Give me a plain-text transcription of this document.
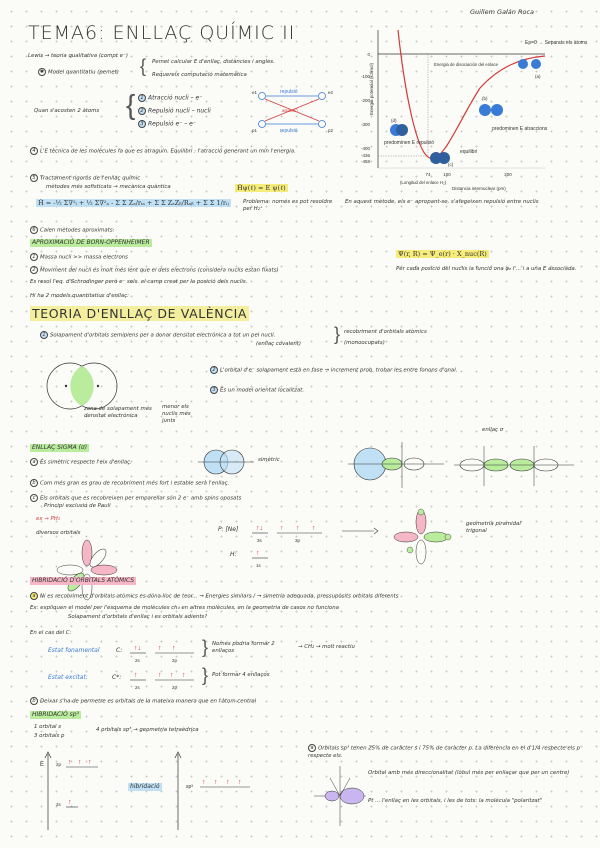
Guillem Galán Roca
TEMA6: ENLLAÇ QUÍMIC II
Lewis → teoria qualitativa (compt e⁻)
✱ Model quantitatiu (pemet) { Pemet calcular E d'enllaç, distàncies i angles.
Requereix computació matemàtica
Quan s'acosten 2 àtoms {	1 Atracció nucli – e⁻
2 Repulsió nucli – nucli
3 Repulsió e⁻ – e⁻
repulsió
repulsió
atracció
e1	e2
p1	p2
Energia potencial (kJ/mol)
0
-100
-200
-300
-400
-436
-458
74	100	200
(Longitud del enlace H₂)
Distancia internuclear (pm)
Energia de disociación del enlace
Ep=0 → Separats els àtoms
(a)
(b)
(c)
(d)
predominen E repulsió
predominen E atraccions
equilibri
4 L'E tècnica de les molècules fa que es atraguin. Equilibri : l'atracció generant un mín l'energia.
5 Tractament rigorós de l'enllaç químic
mètodes més sofisticats → mecànica quàntica	Ĥψ(ℓ) = E ψ(ℓ)
Ĥ = -½ Σ∇²ᵢ + ½ Σ∇²ₐ - Σ Σ Zₐ/rᵢₐ + Σ Σ ZₐZᵦ/Rₐᵦ + Σ Σ 1/rᵢⱼ	Problema: només es pot resoldre per H₂⁺
En aquest mètode, els e⁻ apropant-se, s'afegeixen repulsió entre nuclis
6 Calen mètodes aproximats:
APROXIMACIÓ DE BORN-OPPENHEIMER
1 Massa nucli >> massa electrons
2 Moviment del nucli és molt més lent que el dels electrons (considera nuclis estan fixats)
Es resol l'eq. d'Schrodinger però e⁻ sols. el camp creat per la posició dels nuclis.
Ψ(r, R) = Ψ_e(r) · X_nuc(R)
Per cada posició del nuclis la funció ona ψₑ l'... i a una E associada.
Hi ha 2 models quantitatius d'enllaç:
TEORIA D'ENLLAÇ DE VALÈNCIA
1 Solapament d'orbitals semiplens per a donar densitat electrònica a tot un pel nucli.
(enllaç covalent) } recobriment d'orbitals atòmics
(monoocupats)
zona de solapament més densitat electrònica
menor els nuclis més junts
2 L'orbital d'e⁻ solapament està en fase → increment prob. trobar les entre fonons d'onal.
3 És un model orientat localitzat.
ENLLAÇ SIGMA (σ)
a És simètric respecte l'eix d'enllaç.
b Com més gran es grau de recobriment més fort i estable serà l'enllaç.
c Els orbitals que es recobreixen per emparellar són 2 e⁻ amb spins oposats
Principi exclusió de Pauli
simètric
enllaç σ
ex → PH₃
diversos orbitals	P: [Ne]	↑↓ ↑ ↑ ↑
3s	3p
H:	↑
1s
geometria piramidal trigonal
HIBRIDACIÓ D'ORBITALS ATÒMICS
a Ni es recobriment d'orbitals atòmics es dóna lloc de teor... → Energies similars / → simetria adequada, pressupòsits orbitals diferents
Ex: expliquen el model per l'esquema de molècules ch₄ en altres molècules, en la geometria de casos no funciona
Solapament d'orbitals d'enllaç i es orbitals adients?
En el cas del C:
Estat fonamental	C: ↑↓ ↑ ↑
2s	2p
} Només podria formar 2 enllaços
→ CH₂ → molt reactiu
Estat excitat:	C*: ↑	↑ ↑ ↑
2s	2p
} Pot formar 4 enllaços
b Deixar s'ha de permetre es orbitals de la mateixa manera que en l'àtom central
HIBRIDACIÓ sp³
1 orbital s
3 orbitals p
4 orbitals sp³ → geometria tetraèdrica
E	2p ↑ ↑ ↑
2s ↑
hibridació	sp³
↑ ↑ ↑ ↑
a Orbitals sp³ tenen 25% de caràcter s i 75% de caràcter p. La diferència en el d'1/4 respecte els p respecte els.
Orbital amb més direccionalitat (lòbul més per enllaçar que per un centre)
Pt ... l'enllaç en les orbitals, i les de tots: la molècula "polaritzat"
